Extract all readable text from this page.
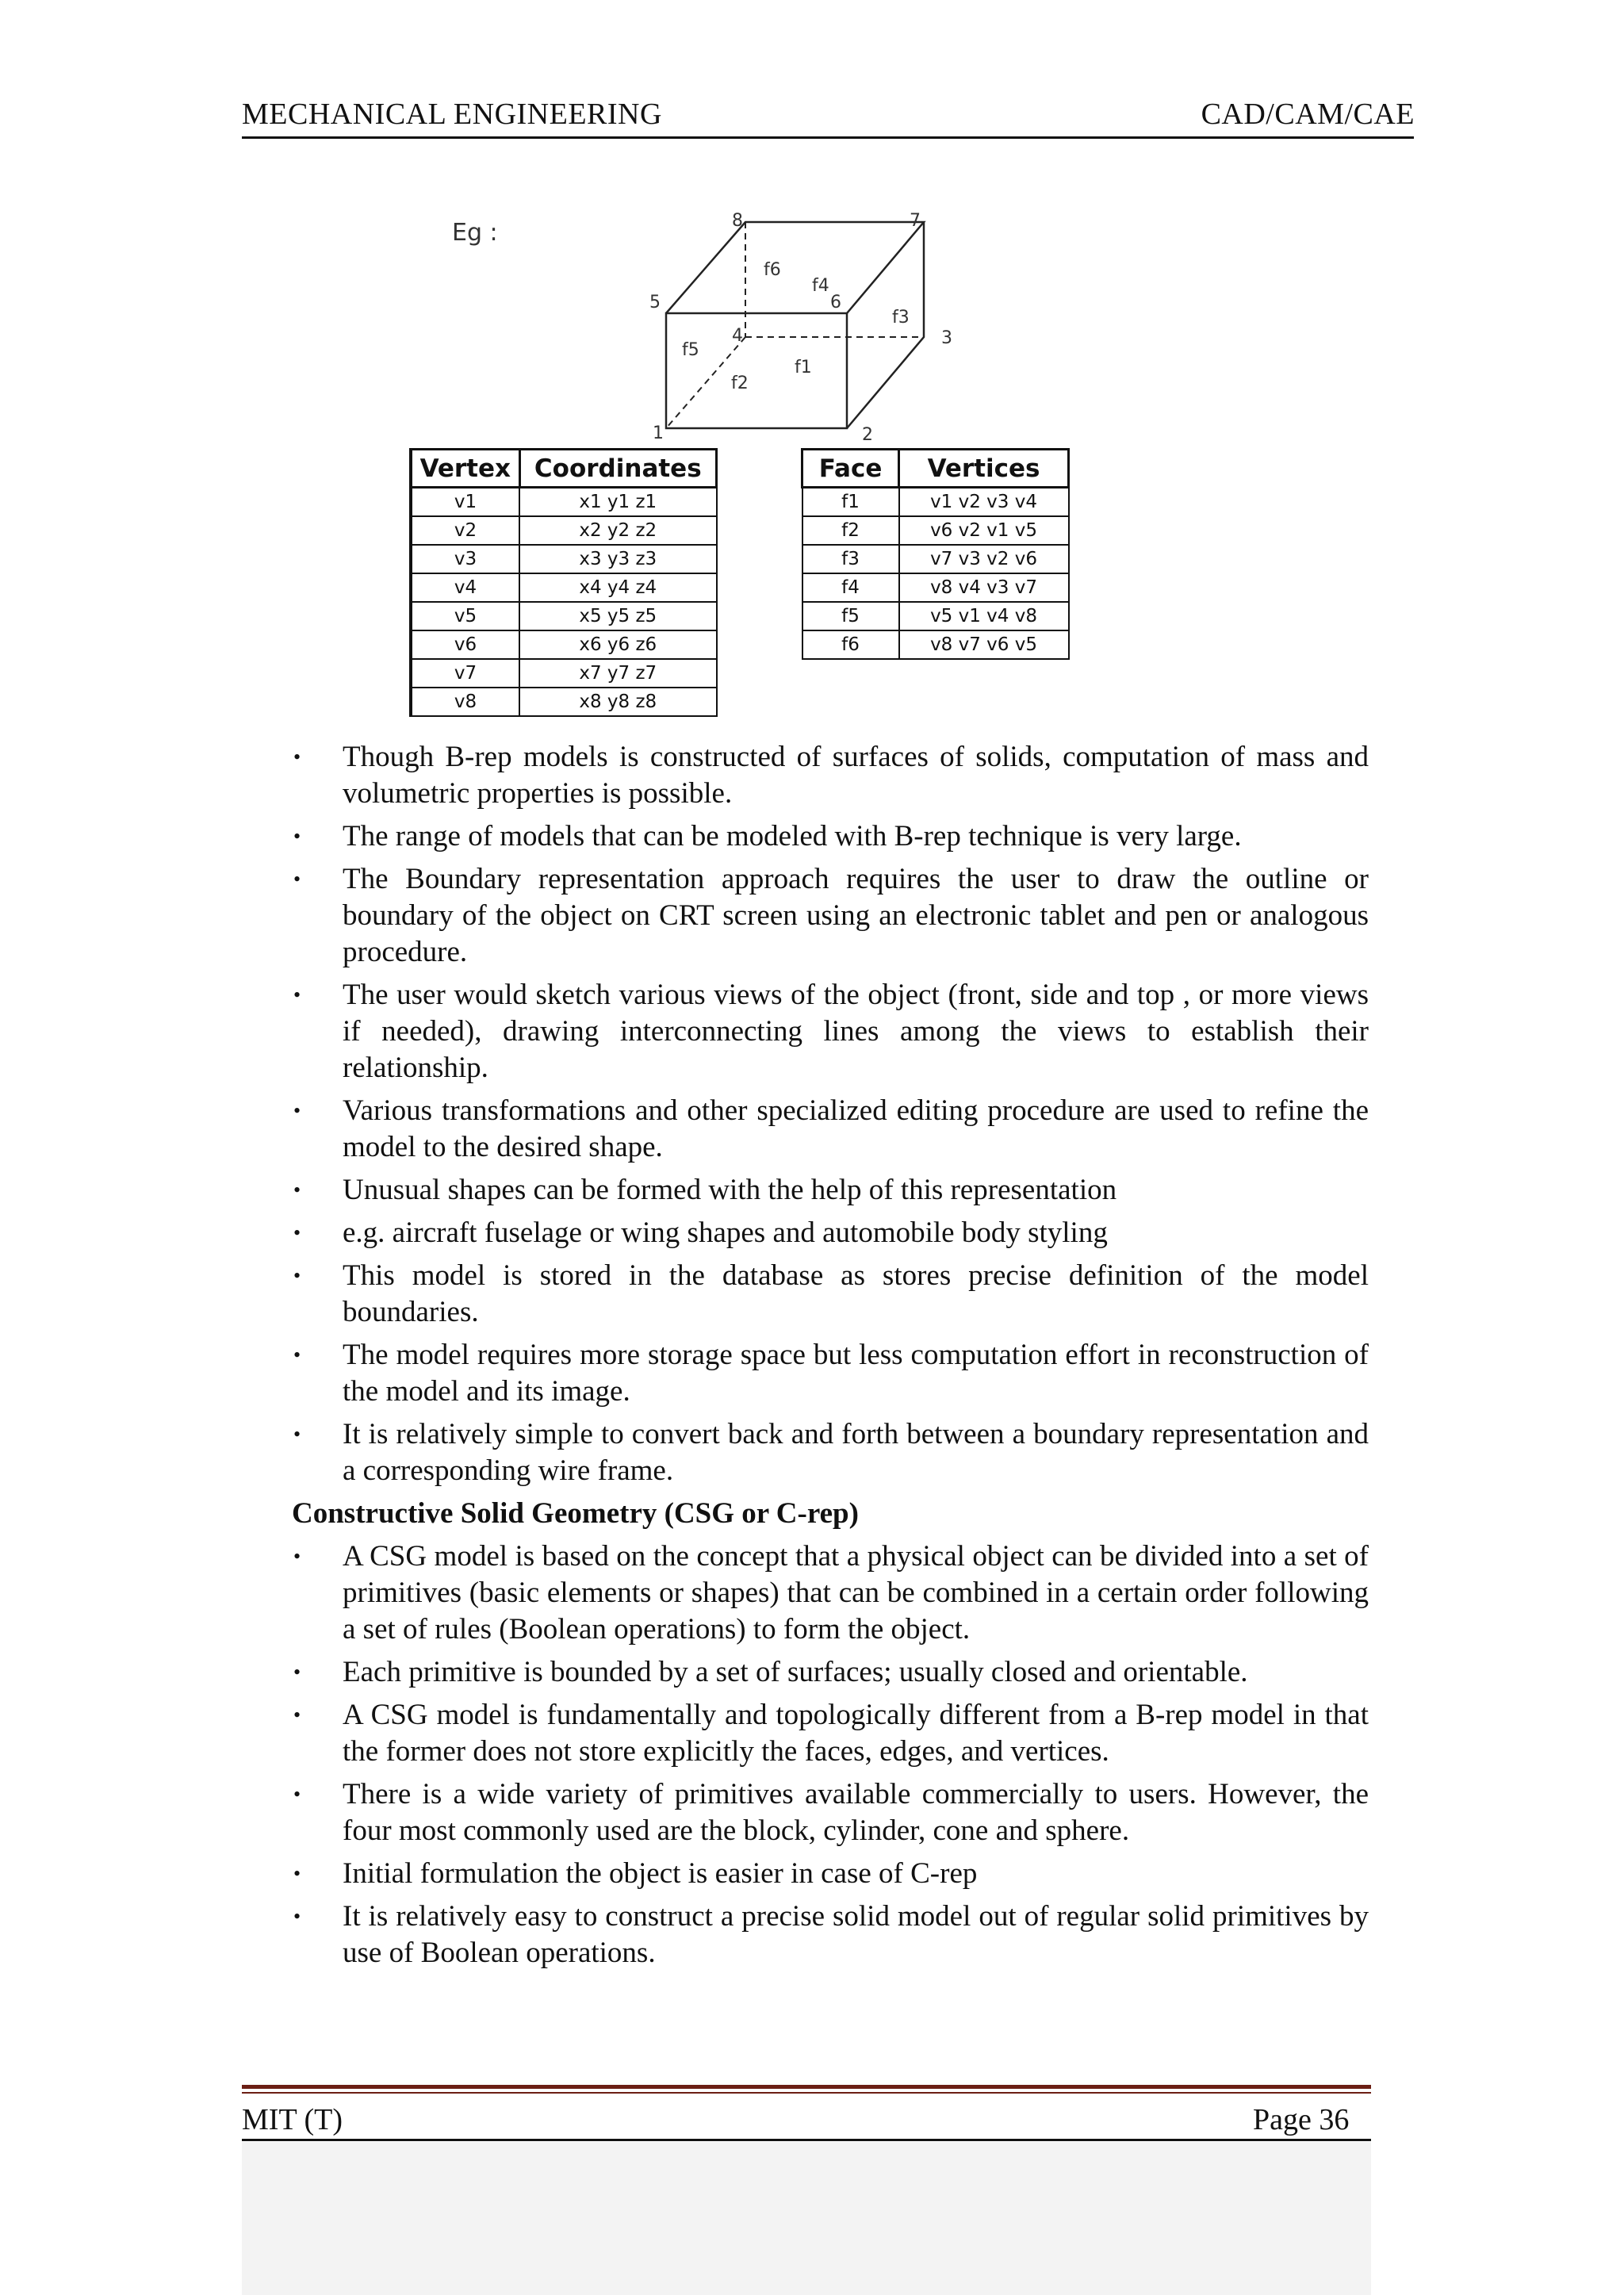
MECHANICAL ENGINEERING	CAD/CAM/CAE
Eg :
1	2
3
4
5	6
7
8
f1
f2
f3
f4
f5
f6
Vertex	Coordinates
v1	x1 y1 z1
v2	x2 y2 z2
v3	x3 y3 z3
v4	x4 y4 z4
v5	x5 y5 z5
v6	x6 y6 z6
v7	x7 y7 z7
v8	x8 y8 z8
Face	Vertices
f1	v1 v2 v3 v4
f2	v6 v2 v1 v5
f3	v7 v3 v2 v6
f4	v8 v4 v3 v7
f5	v5 v1 v4 v8
f6	v8 v7 v6 v5
• Though B-rep models is constructed of surfaces of solids, computation of mass and volumetric properties is possible.
• The range of models that can be modeled with B-rep technique is very large.
• The Boundary representation approach requires the user to draw the outline or boundary of the object on CRT screen using an electronic tablet and pen or analogous procedure.
• The user would sketch various views of the object (front, side and top , or more views if needed), drawing interconnecting lines among the views to establish their relationship.
• Various transformations and other specialized editing procedure are used to refine the model to the desired shape.
• Unusual shapes can be formed with the help of this representation
• e.g. aircraft fuselage or wing shapes and automobile body styling
• This model is stored in the database as stores precise definition of the model boundaries.
• The model requires more storage space but less computation effort in reconstruction of the model and its image.
• It is relatively simple to convert back and forth between a boundary representation and a corresponding wire frame.
Constructive Solid Geometry (CSG or C-rep)
• A CSG model is based on the concept that a physical object can be divided into a set of primitives (basic elements or shapes) that can be combined in a certain order following a set of rules (Boolean operations) to form the object.
• Each primitive is bounded by a set of surfaces; usually closed and orientable.
• A CSG model is fundamentally and topologically different from a B-rep model in that the former does not store explicitly the faces, edges, and vertices.
• There is a wide variety of primitives available commercially to users. However, the four most commonly used are the block, cylinder, cone and sphere.
• Initial formulation the object is easier in case of C-rep
• It is relatively easy to construct a precise solid model out of regular solid primitives by use of Boolean operations.
MIT (T)	Page 36
